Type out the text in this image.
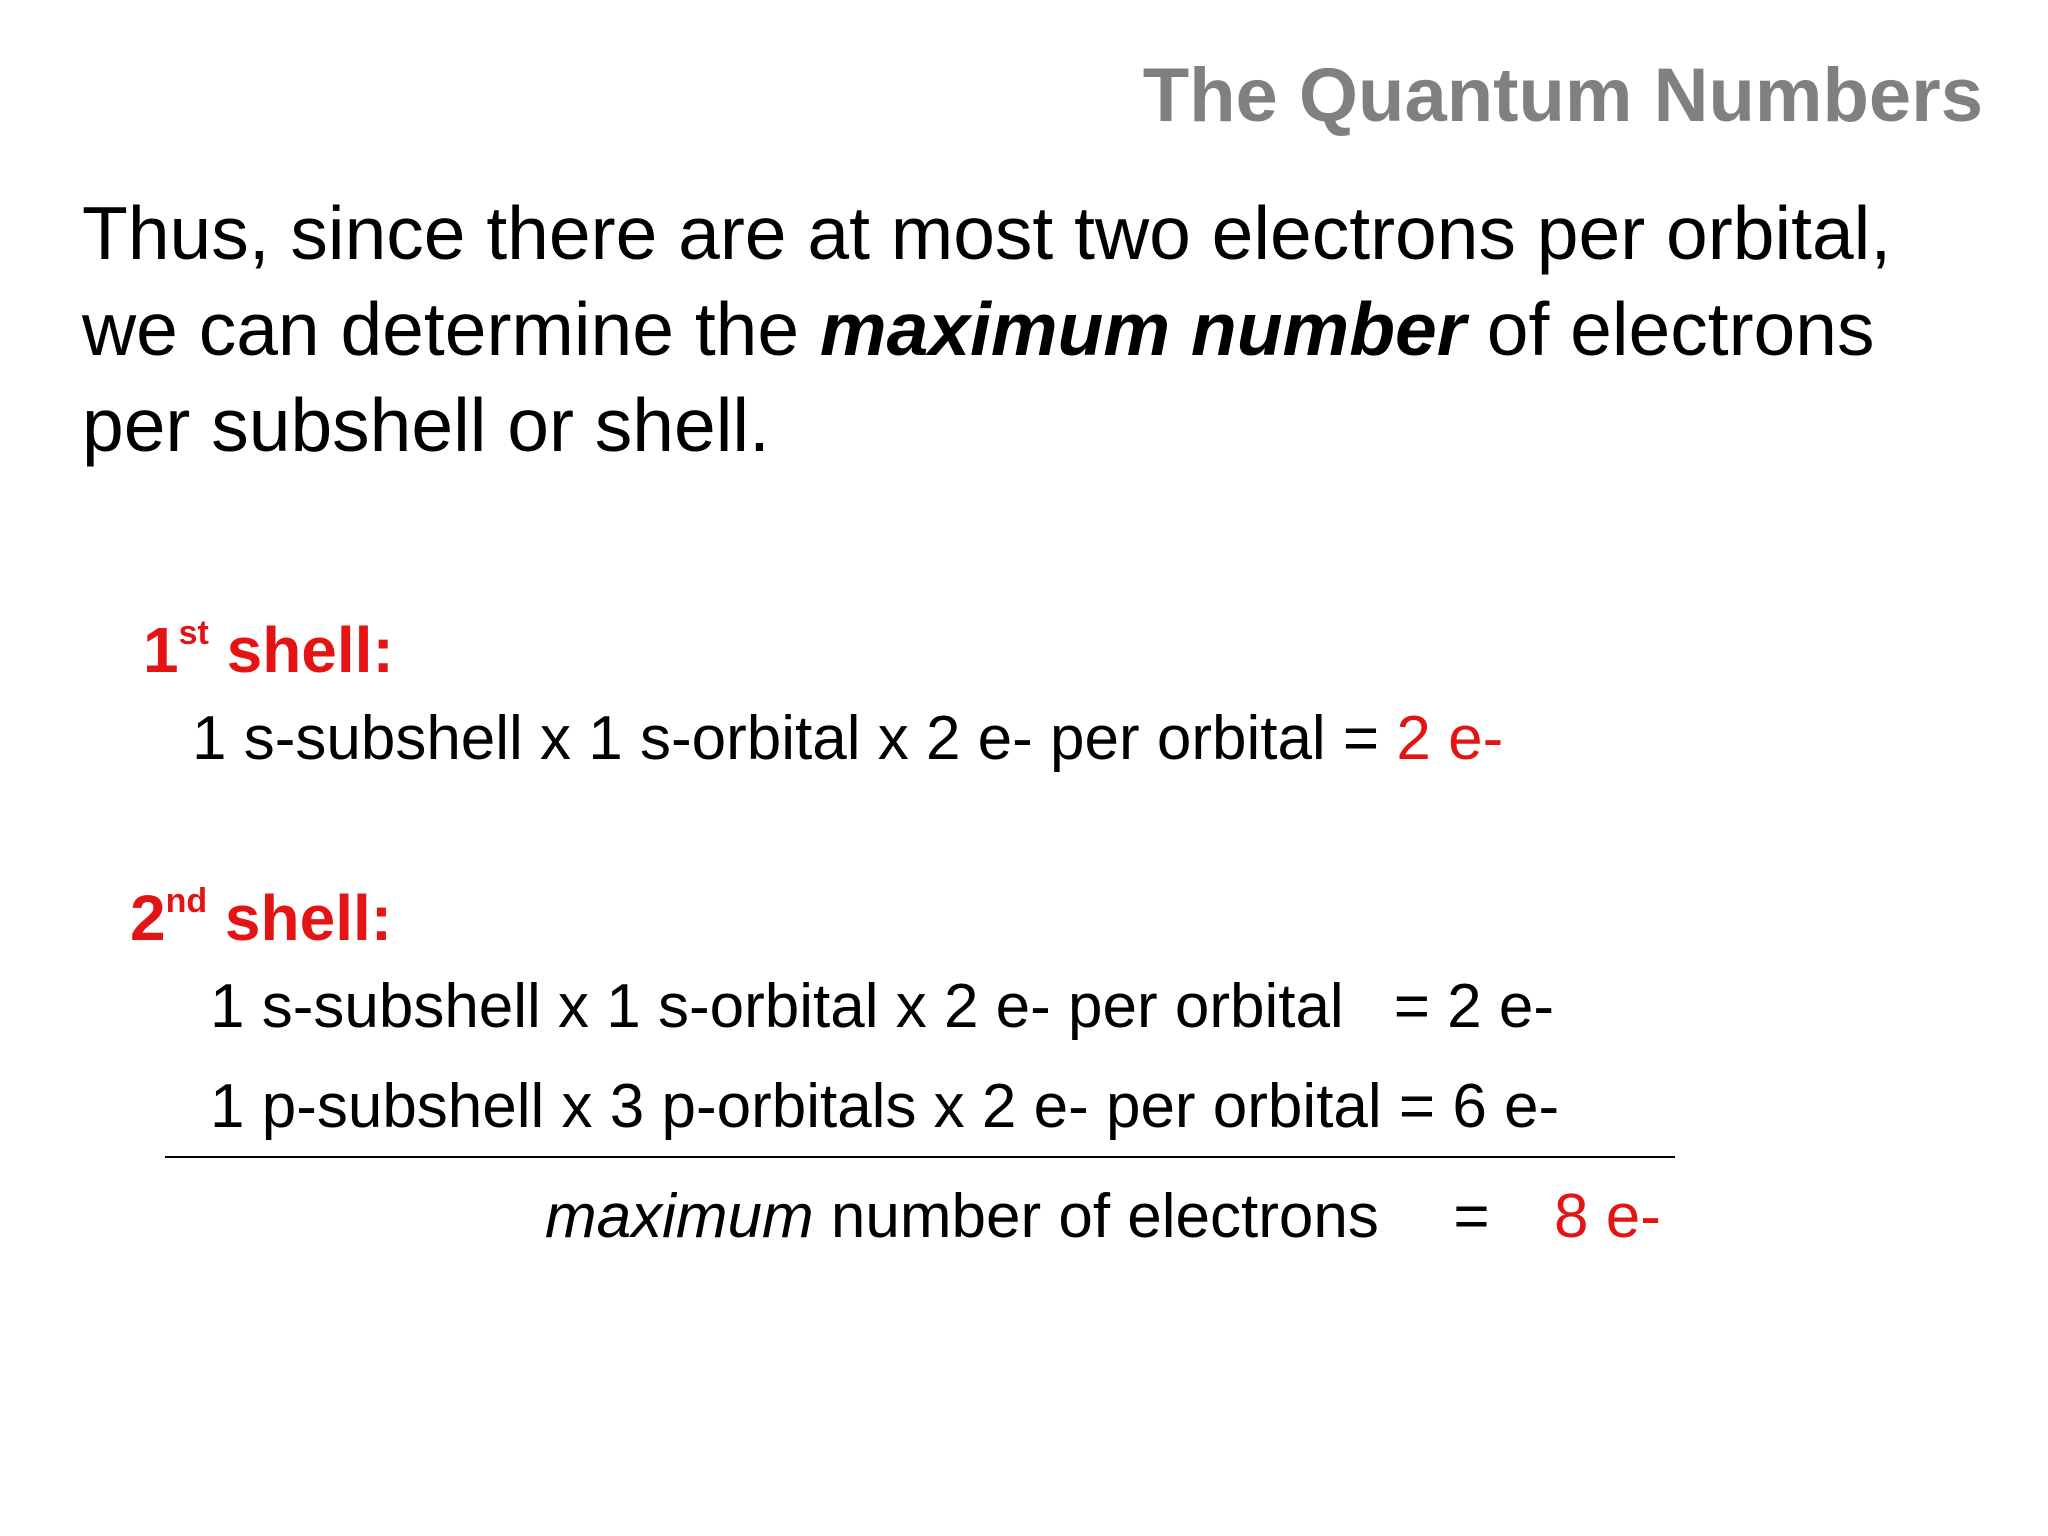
The Quantum Numbers
Thus, since there are at most two electrons per orbital, we can determine the maximum number of electrons per subshell or shell.
1st shell:
1 s-subshell x 1 s-orbital x 2 e- per orbital = 2 e-
2nd shell:
1 s-subshell x 1 s-orbital x 2 e- per orbital = 2 e-
1 p-subshell x 3 p-orbitals x 2 e- per orbital = 6 e-
maximum number of electrons = 8 e-
